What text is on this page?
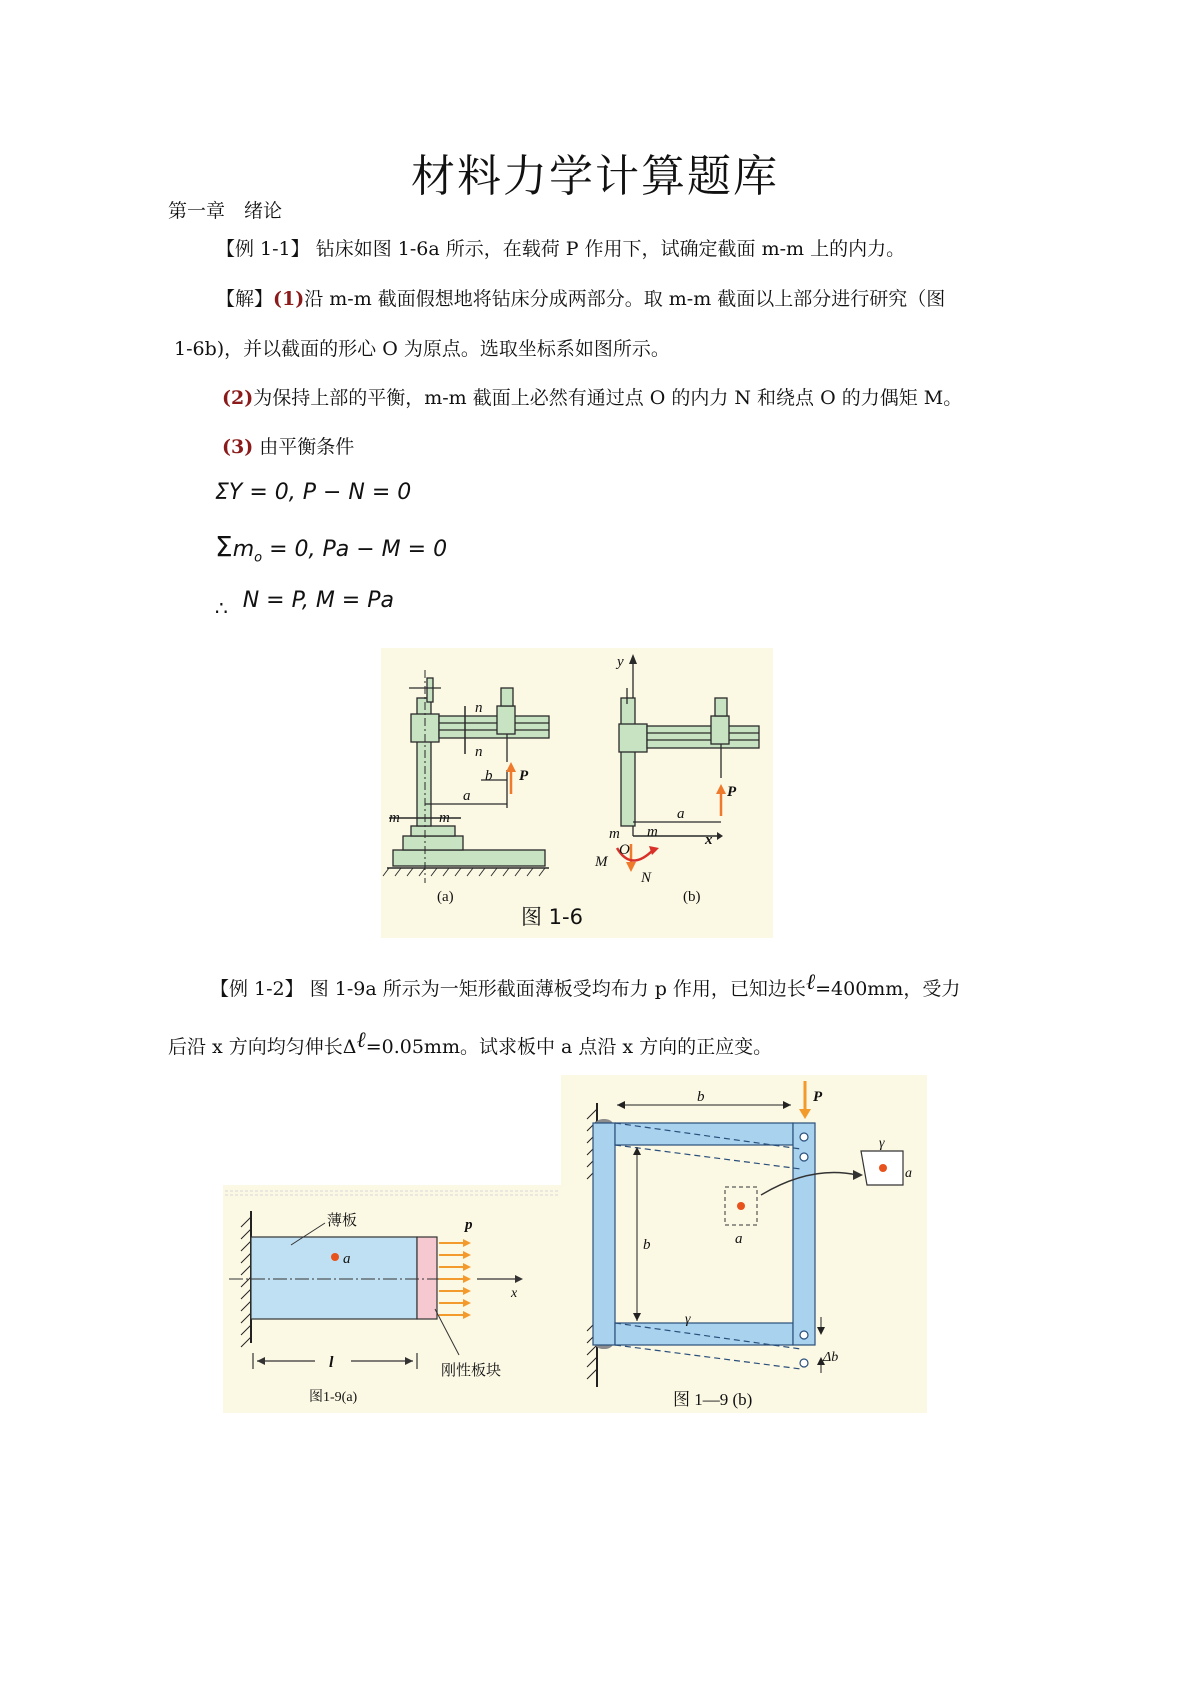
材料力学计算题库
第一章　绪论
【例 1-1】 钻床如图 1-6a 所示，在载荷 P 作用下，试确定截面 m-m 上的内力。
【解】(1)沿 m-m 截面假想地将钻床分成两部分。取 m-m 截面以上部分进行研究（图
1-6b)，并以截面的形心 O 为原点。选取坐标系如图所示。
(2)为保持上部的平衡，m-m 截面上必然有通过点 O 的内力 N 和绕点 O 的力偶矩 M。
(3) 由平衡条件
ΣY = 0, P − N = 0
$\Sigma m_o = 0$, Pa − M = 0
∴ N = P, M = Pa
n
n
b P
a
m	m
y
P
a
m m	x
O
M
N
(a)	(b)
图 1-6
【例 1-2】 图 1-9a 所示为一矩形截面薄板受均布力 p 作用，已知边长ℓ=400mm，受力
后沿 x 方向均匀伸长Δℓ=0.05mm。试求板中 a 点沿 x 方向的正应变。
薄板
a
p
x
l	刚性板块
图1-9(a)
b	P
γ
a
b	a
γ
Δb
图 1—9 (b)
